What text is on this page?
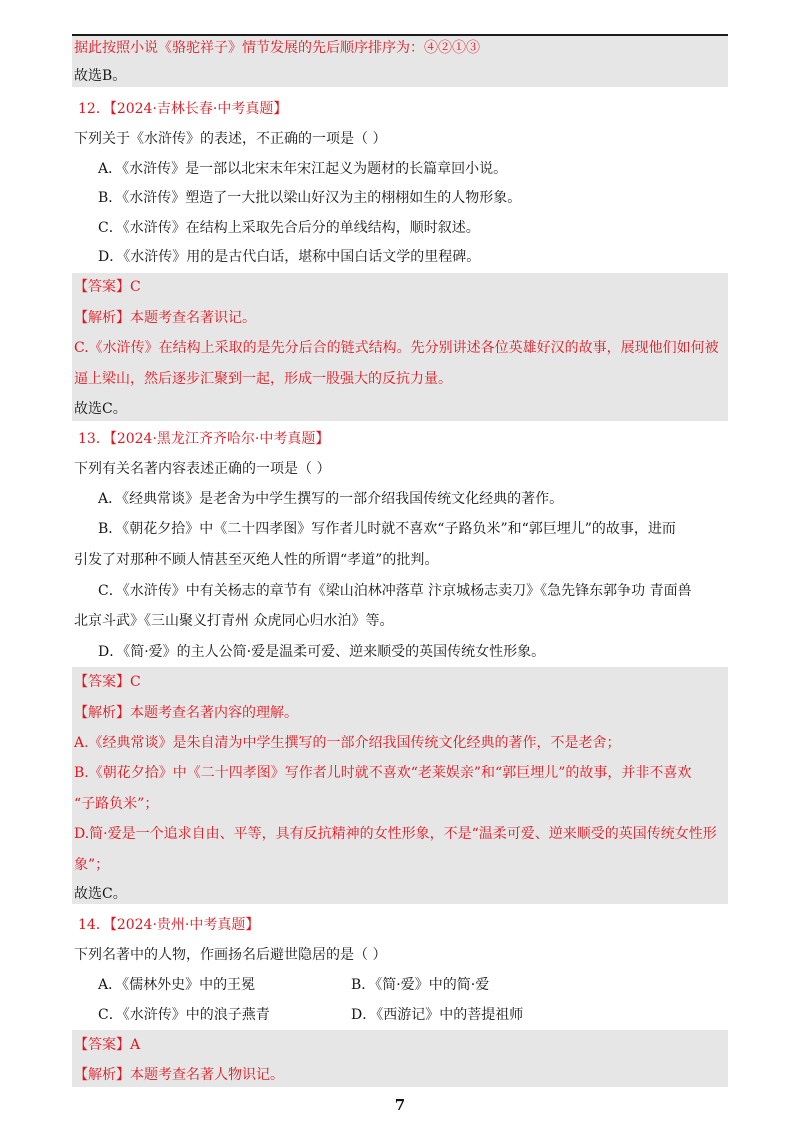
据此按照小说《骆驼祥子》情节发展的先后顺序排序为：④②①③
故选B。
12．【2024·吉林长春·中考真题】
下列关于《水浒传》的表述，不正确的一项是（ ）
A．《水浒传》是一部以北宋末年宋江起义为题材的长篇章回小说。
B．《水浒传》塑造了一大批以梁山好汉为主的栩栩如生的人物形象。
C．《水浒传》在结构上采取先合后分的单线结构，顺时叙述。
D．《水浒传》用的是古代白话，堪称中国白话文学的里程碑。
【答案】C
【解析】本题考查名著识记。
C.《水浒传》在结构上采取的是先分后合的链式结构。先分别讲述各位英雄好汉的故事，展现他们如何被
逼上梁山，然后逐步汇聚到一起，形成一股强大的反抗力量。
故选C。
13．【2024·黑龙江齐齐哈尔·中考真题】
下列有关名著内容表述正确的一项是（ ）
A．《经典常谈》是老舍为中学生撰写的一部介绍我国传统文化经典的著作。
B．《朝花夕拾》中《二十四孝图》写作者儿时就不喜欢“子路负米”和“郭巨埋儿”的故事，进而
引发了对那种不顾人情甚至灭绝人性的所谓“孝道”的批判。
C．《水浒传》中有关杨志的章节有《梁山泊林冲落草 汴京城杨志卖刀》《急先锋东郭争功 青面兽
北京斗武》《三山聚义打青州 众虎同心归水泊》等。
D．《简·爱》的主人公简·爱是温柔可爱、逆来顺受的英国传统女性形象。
【答案】C
【解析】本题考查名著内容的理解。
A.《经典常谈》是朱自清为中学生撰写的一部介绍我国传统文化经典的著作，不是老舍；
B.《朝花夕拾》中《二十四孝图》写作者儿时就不喜欢“老莱娱亲”和“郭巨埋儿”的故事，并非不喜欢
“子路负米”；
D.简·爱是一个追求自由、平等，具有反抗精神的女性形象，不是“温柔可爱、逆来顺受的英国传统女性形
象”；
故选C。
14．【2024·贵州·中考真题】
下列名著中的人物，作画扬名后避世隐居的是（ ）
A．《儒林外史》中的王冕	B．《简·爱》中的简·爱
C．《水浒传》中的浪子燕青	D．《西游记》中的菩提祖师
【答案】A
【解析】本题考查名著人物识记。
7
